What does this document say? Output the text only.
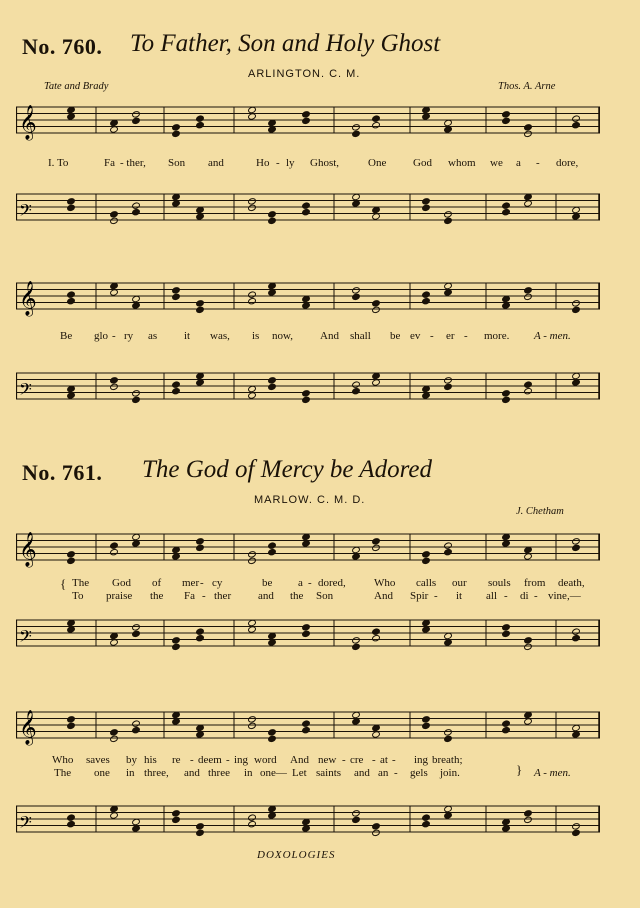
No. 760. To Father, Son and Holy Ghost
ARLINGTON. C. M.
Tate and Brady	Thos. A. Arne
𝄞
𝄢
𝄞
𝄢
I. To	Fa - ther, Son and	Ho - ly Ghost,	One God whom we a - dore,
Be glo - ry as it was, is now, And shall be ev - er - more. A - men.
No. 761. The God of Mercy be Adored
MARLOW. C. M. D.
J. Chetham
𝄞
𝄢
𝄞
𝄢
{
}
The God of mer - cy	be a - dored,	Who calls our souls from death,
To praise the Fa - ther and the Son	And Spir - it all - di - vine,—
Who saves by his re - deem - ing word And new - cre - at - ing breath;
The one in three, and three in one— Let saints and an - gels join.	A - men.
DOXOLOGIES
